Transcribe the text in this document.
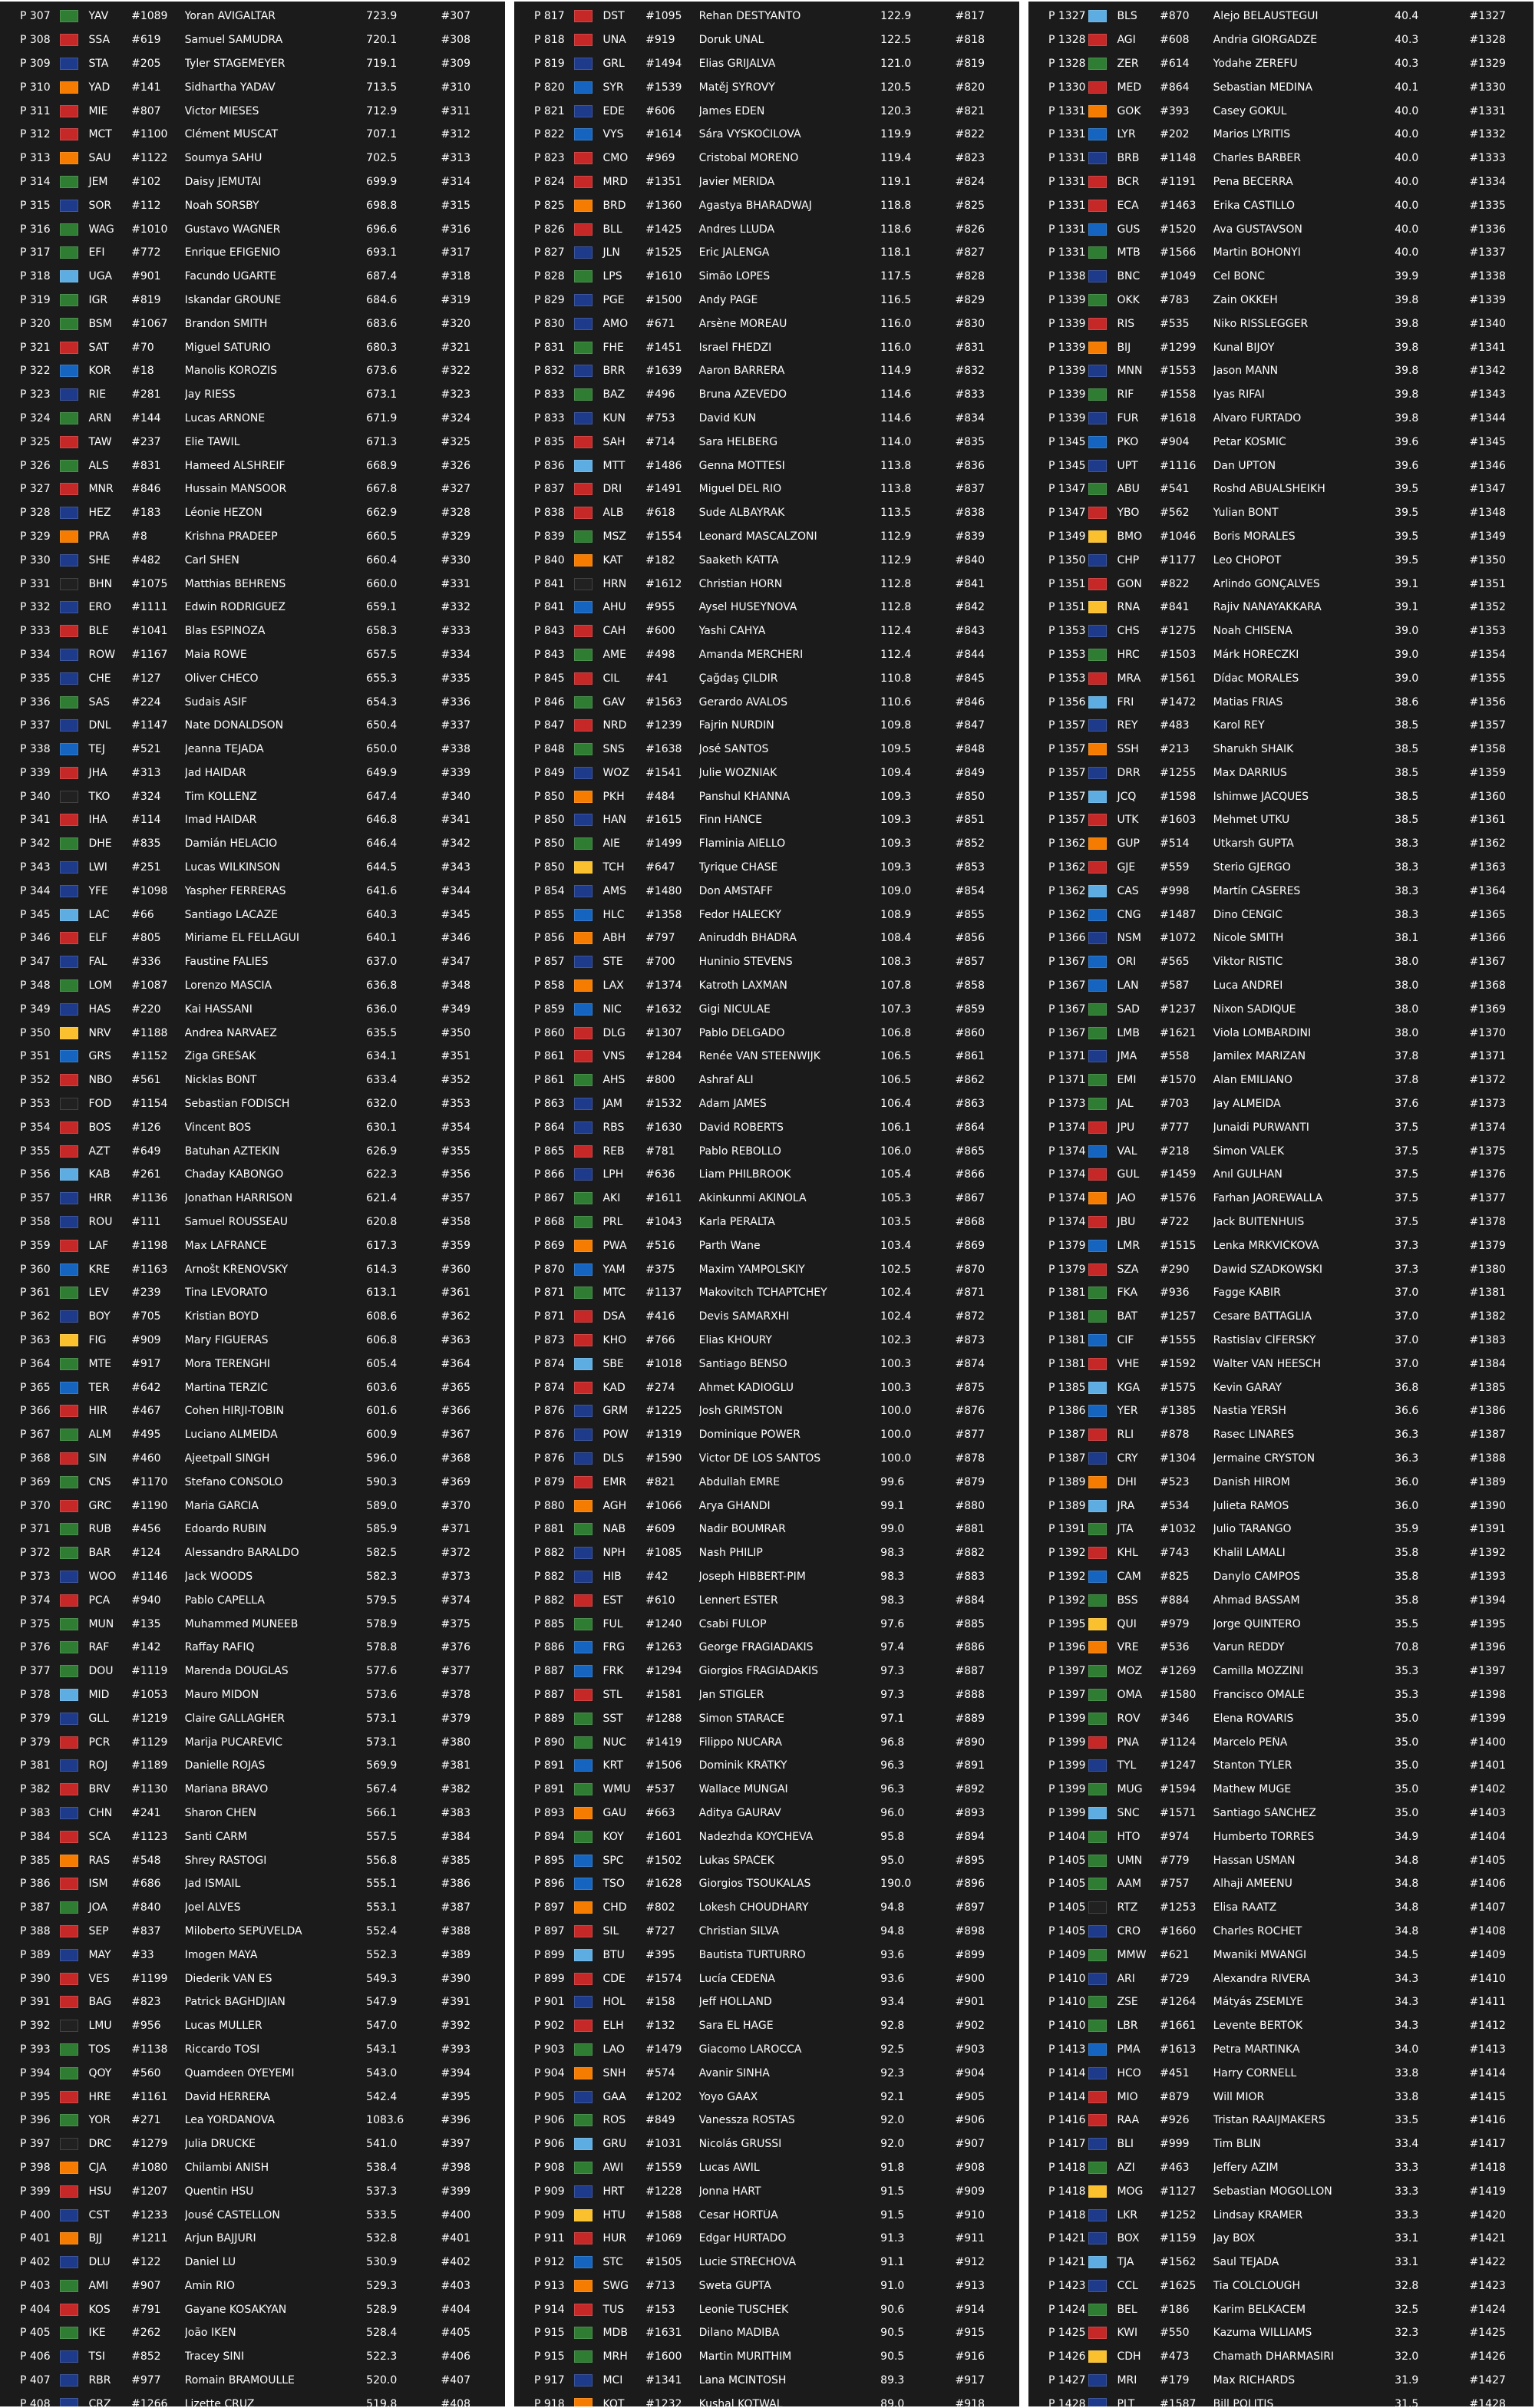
P 307	YAV	#1089	Yoran AVIGALTAR	723.9	#307
P 308	SSA	#619	Samuel SAMUDRA	720.1	#308
P 309	STA	#205	Tyler STAGEMEYER	719.1	#309
P 310	YAD	#141	Sidhartha YADAV	713.5	#310
P 311	MIE	#807	Victor MIESES	712.9	#311
P 312	MCT	#1100	Clément MUSCAT	707.1	#312
P 313	SAU	#1122	Soumya SAHU	702.5	#313
P 314	JEM	#102	Daisy JEMUTAI	699.9	#314
P 315	SOR	#112	Noah SORSBY	698.8	#315
P 316	WAG	#1010	Gustavo WAGNER	696.6	#316
P 317	EFI	#772	Enrique EFIGENIO	693.1	#317
P 318	UGA	#901	Facundo UGARTE	687.4	#318
P 319	IGR	#819	Iskandar GROUNE	684.6	#319
P 320	BSM	#1067	Brandon SMITH	683.6	#320
P 321	SAT	#70	Miguel SATURIO	680.3	#321
P 322	KOR	#18	Manolis KOROZIS	673.6	#322
P 323	RIE	#281	Jay RIESS	673.1	#323
P 324	ARN	#144	Lucas ARNONE	671.9	#324
P 325	TAW	#237	Elie TAWIL	671.3	#325
P 326	ALS	#831	Hameed ALSHREIF	668.9	#326
P 327	MNR	#846	Hussain MANSOOR	667.8	#327
P 328	HEZ	#183	Léonie HEZON	662.9	#328
P 329	PRA	#8	Krishna PRADEEP	660.5	#329
P 330	SHE	#482	Carl SHEN	660.4	#330
P 331	BHN	#1075	Matthias BEHRENS	660.0	#331
P 332	ERO	#1111	Edwin RODRIGUEZ	659.1	#332
P 333	BLE	#1041	Blas ESPINOZA	658.3	#333
P 334	ROW	#1167	Maia ROWE	657.5	#334
P 335	CHE	#127	Oliver CHECO	655.3	#335
P 336	SAS	#224	Sudais ASIF	654.3	#336
P 337	DNL	#1147	Nate DONALDSON	650.4	#337
P 338	TEJ	#521	Jeanna TEJADA	650.0	#338
P 339	JHA	#313	Jad HAIDAR	649.9	#339
P 340	TKO	#324	Tim KOLLENZ	647.4	#340
P 341	IHA	#114	Imad HAIDAR	646.8	#341
P 342	DHE	#835	Damián HELACIO	646.4	#342
P 343	LWI	#251	Lucas WILKINSON	644.5	#343
P 344	YFE	#1098	Yaspher FERRERAS	641.6	#344
P 345	LAC	#66	Santiago LACAZE	640.3	#345
P 346	ELF	#805	Miriame EL FELLAGUI	640.1	#346
P 347	FAL	#336	Faustine FALIES	637.0	#347
P 348	LOM	#1087	Lorenzo MASCIA	636.8	#348
P 349	HAS	#220	Kai HASSANI	636.0	#349
P 350	NRV	#1188	Andrea NARVÁEZ	635.5	#350
P 351	GRS	#1152	Žiga GREŠAK	634.1	#351
P 352	NBO	#561	Nicklas BONT	633.4	#352
P 353	FOD	#1154	Sebastian FÖDISCH	632.0	#353
P 354	BOS	#126	Vincent BOS	630.1	#354
P 355	AZT	#649	Batuhan AZTEKIN	626.9	#355
P 356	KAB	#261	Chaday KABONGO	622.3	#356
P 357	HRR	#1136	Jonathan HARRISON	621.4	#357
P 358	ROU	#111	Samuel ROUSSEAU	620.8	#358
P 359	LAF	#1198	Max LAFRANCE	617.3	#359
P 360	KRE	#1163	Arnošt KŘENOVSKÝ	614.3	#360
P 361	LEV	#239	Tina LEVORATO	613.1	#361
P 362	BOY	#705	Kristian BOYD	608.6	#362
P 363	FIG	#909	Mary FIGUERAS	606.8	#363
P 364	MTE	#917	Mora TERENGHI	605.4	#364
P 365	TER	#642	Martina TERZIĆ	603.6	#365
P 366	HIR	#467	Cohen HIRJI-TOBIN	601.6	#366
P 367	ALM	#495	Luciano ALMEIDA	600.9	#367
P 368	SIN	#460	Ajeetpall SINGH	596.0	#368
P 369	CNS	#1170	Stefano CONSOLO	590.3	#369
P 370	GRC	#1190	Maria GARCIA	589.0	#370
P 371	RUB	#456	Edoardo RUBIN	585.9	#371
P 372	BAR	#124	Alessandro BARALDO	582.5	#372
P 373	WOO	#1146	Jack WOODS	582.3	#373
P 374	PCA	#940	Pablo CAPELLA	579.5	#374
P 375	MUN	#135	Muhammed MUNEEB	578.9	#375
P 376	RAF	#142	Raffay RAFIQ	578.8	#376
P 377	DOU	#1119	Marenda DOUGLAS	577.6	#377
P 378	MID	#1053	Mauro MIDON	573.6	#378
P 379	GLL	#1219	Claire GALLAGHER	573.1	#379
P 379	PCR	#1129	Marija PUCAREVIĆ	573.1	#380
P 381	ROJ	#1189	Danielle ROJAS	569.9	#381
P 382	BRV	#1130	Mariana BRAVO	567.4	#382
P 383	CHN	#241	Sharon CHEN	566.1	#383
P 384	SCA	#1123	Santi CARM	557.5	#384
P 385	RAS	#548	Shrey RASTOGI	556.8	#385
P 386	ISM	#686	Jad ISMAIL	555.1	#386
P 387	JOA	#840	Joel ALVES	553.1	#387
P 388	SEP	#837	Miloberto SEPÚVELDA	552.4	#388
P 389	MAY	#33	Imogen MAYA	552.3	#389
P 390	VES	#1199	Diederik VAN ES	549.3	#390
P 391	BAG	#823	Patrick BAGHDJIAN	547.9	#391
P 392	LMU	#956	Lucas MÜLLER	547.0	#392
P 393	TOS	#1138	Riccardo TOSI	543.1	#393
P 394	QOY	#560	Quamdeen OYEYEMI	543.0	#394
P 395	HRE	#1161	David HERRERA	542.4	#395
P 396	YOR	#271	Lea YORDANOVA	1083.6	#396
P 397	DRC	#1279	Julia DRÜCKE	541.0	#397
P 398	CJA	#1080	Chilambi ANISH	538.4	#398
P 399	HSU	#1207	Quentin HSU	537.3	#399
P 400	CST	#1233	Jousé CASTELLON	533.5	#400
P 401	BJJ	#1211	Arjun BAJJURI	532.8	#401
P 402	DLU	#122	Daniel LU	530.9	#402
P 403	AMI	#907	Amin RIO	529.3	#403
P 404	KOS	#791	Gayane KOSAKYAN	528.9	#404
P 405	IKE	#262	João IKEN	528.4	#405
P 406	TSI	#852	Tracey SINI	522.3	#406
P 407	RBR	#977	Romain BRAMOULLE	520.0	#407
P 408	CRZ	#1266	Lizette CRUZ	519.8	#408
P 817	DST	#1095	Rehan DESTYANTO	122.9	#817
P 818	UNA	#919	Doruk ÜNAL	122.5	#818
P 819	GRL	#1494	Elias GRIJALVA	121.0	#819
P 820	SYR	#1539	Matěj SYROVÝ	120.5	#820
P 821	EDE	#606	James EDEN	120.3	#821
P 822	VYS	#1614	Sára VYSKOČILOVÁ	119.9	#822
P 823	CMO	#969	Cristobal MORENO	119.4	#823
P 824	MRD	#1351	Javier MERIDA	119.1	#824
P 825	BRD	#1360	Agastya BHARADWAJ	118.8	#825
P 826	BLL	#1425	Andres LLUDA	118.6	#826
P 827	JLN	#1525	Eric JALENGA	118.1	#827
P 828	LPS	#1610	Simão LOPES	117.5	#828
P 829	PGE	#1500	Andy PAGE	116.5	#829
P 830	AMO	#671	Arsène MOREAU	116.0	#830
P 831	FHE	#1451	Israel FHEDZI	116.0	#831
P 832	BRR	#1639	Aaron BARRERA	114.9	#832
P 833	BAZ	#496	Bruna AZEVEDO	114.6	#833
P 833	KUN	#753	David KUN	114.6	#834
P 835	SAH	#714	Sara HELBERG	114.0	#835
P 836	MTT	#1486	Genna MOTTESI	113.8	#836
P 837	DRI	#1491	Miguel DEL RIO	113.8	#837
P 838	ALB	#618	Sude ALBAYRAK	113.5	#838
P 839	MSZ	#1554	Leonard MASCALZONI	112.9	#839
P 840	KAT	#182	Saaketh KATTA	112.9	#840
P 841	HRN	#1612	Christian HORN	112.8	#841
P 841	AHU	#955	Aysel HUSEYNOVA	112.8	#842
P 843	CAH	#600	Yashi CAHYA	112.4	#843
P 843	AME	#498	Amanda MERCHERI	112.4	#844
P 845	CIL	#41	Çağdaş ÇILDIR	110.8	#845
P 846	GAV	#1563	Gerardo AVALOS	110.6	#846
P 847	NRD	#1239	Fajrin NURDIN	109.8	#847
P 848	SNS	#1638	José SANTOS	109.5	#848
P 849	WOZ	#1541	Julie WOZNIAK	109.4	#849
P 850	PKH	#484	Panshul KHANNA	109.3	#850
P 850	HAN	#1615	Finn HANCE	109.3	#851
P 850	AIE	#1499	Flaminia AIELLO	109.3	#852
P 850	TCH	#647	Tyrique CHASE	109.3	#853
P 854	AMS	#1480	Don AMSTAFF	109.0	#854
P 855	HLC	#1358	Fedor HALECKÝ	108.9	#855
P 856	ABH	#797	Aniruddh BHADRA	108.4	#856
P 857	STE	#700	Huninio STEVENS	108.3	#857
P 858	LAX	#1374	Katroth LAXMAN	107.8	#858
P 859	NIC	#1632	Gigi NICULAE	107.3	#859
P 860	DLG	#1307	Pablo DELGADO	106.8	#860
P 861	VNS	#1284	Renée VAN STEENWIJK	106.5	#861
P 861	AHS	#800	Ashraf ALI	106.5	#862
P 863	JAM	#1532	Adam JAMES	106.4	#863
P 864	RBS	#1630	David ROBERTS	106.1	#864
P 865	REB	#781	Pablo REBOLLO	106.0	#865
P 866	LPH	#636	Liam PHILBROOK	105.4	#866
P 867	AKI	#1611	Akinkunmi AKINOLA	105.3	#867
P 868	PRL	#1043	Karla PERALTA	103.5	#868
P 869	PWA	#516	Parth Wane	103.4	#869
P 870	YAM	#375	Maxim YAMPOLSKIY	102.5	#870
P 871	MTC	#1137	Makovitch TCHAPTCHEY	102.4	#871
P 871	DSA	#416	Devis SAMARXHI	102.4	#872
P 873	KHO	#766	Elias KHOURY	102.3	#873
P 874	SBE	#1018	Santiago BENSO	100.3	#874
P 874	KAD	#274	Ahmet KADIOĞLU	100.3	#875
P 876	GRM	#1225	Josh GRIMSTON	100.0	#876
P 876	POW	#1319	Dominique POWER	100.0	#877
P 876	DLS	#1590	Victor DE LOS SANTOS	100.0	#878
P 879	EMR	#821	Abdullah EMRE	99.6	#879
P 880	AGH	#1066	Arya GHANDI	99.1	#880
P 881	NAB	#609	Nadir BOUMRAR	99.0	#881
P 882	NPH	#1085	Nash PHILIP	98.3	#882
P 882	HIB	#42	Joseph HIBBERT-PIM	98.3	#883
P 882	EST	#610	Lennert ESTER	98.3	#884
P 885	FUL	#1240	Csabi FÜLÖP	97.6	#885
P 886	FRG	#1263	George FRAGIADAKIS	97.4	#886
P 887	FRK	#1294	Giorgios FRAGIADAKIS	97.3	#887
P 887	STL	#1581	Jan STIGLER	97.3	#888
P 889	SST	#1288	Simon STARACE	97.1	#889
P 890	NUC	#1419	Filippo NUCARA	96.8	#890
P 891	KRT	#1506	Dominik KRÁTKY	96.3	#891
P 891	WMU	#537	Wallace MUNGAI	96.3	#892
P 893	GAU	#663	Aditya GAURAV	96.0	#893
P 894	KOY	#1601	Nadezhda KOYCHEVA	95.8	#894
P 895	SPC	#1502	Lukas ŠPAČEK	95.0	#895
P 896	TSO	#1628	Giorgios TSOUKALAS	190.0	#896
P 897	CHD	#802	Lokesh CHOUDHARY	94.8	#897
P 897	SIL	#727	Christian SILVA	94.8	#898
P 899	BTU	#395	Bautista TURTURRO	93.6	#899
P 899	CDE	#1574	Lucía CEDEÑA	93.6	#900
P 901	HOL	#158	Jeff HOLLAND	93.4	#901
P 902	ELH	#132	Sara EL HAGE	92.8	#902
P 903	LAO	#1479	Giacomo LAROCCA	92.5	#903
P 904	SNH	#574	Avanir SINHA	92.3	#904
P 905	GAA	#1202	Yoyo GAAX	92.1	#905
P 906	ROS	#849	Vanessza ROSTAS	92.0	#906
P 906	GRU	#1031	Nicolás GRÜSSI	92.0	#907
P 908	AWI	#1559	Lucas AWIL	91.8	#908
P 909	HRT	#1228	Jonna HART	91.5	#909
P 909	HTU	#1588	Cesar HORTÚA	91.5	#910
P 911	HUR	#1069	Edgar HURTADO	91.3	#911
P 912	STC	#1505	Lucie STŘECHOVÁ	91.1	#912
P 913	SWG	#713	Sweta GUPTA	91.0	#913
P 914	TUS	#153	Leonie TUSCHEK	90.6	#914
P 915	MDB	#1631	Dilano MADIBA	90.5	#915
P 915	MRH	#1600	Martin MURITHIM	90.5	#916
P 917	MCI	#1341	Lana MCINTOSH	89.3	#917
P 918	KOT	#1232	Kushal KOTWAL	89.0	#918
P 1327	BLS	#870	Alejo BELAUSTEGUI	40.4	#1327
P 1328	AGI	#608	Andria GIORGADZE	40.3	#1328
P 1328	ZER	#614	Yodahe ZEREFU	40.3	#1329
P 1330	MED	#864	Sebastian MEDINA	40.1	#1330
P 1331	GOK	#393	Casey GOKUL	40.0	#1331
P 1331	LYR	#202	Marios LYRITIS	40.0	#1332
P 1331	BRB	#1148	Charles BARBER	40.0	#1333
P 1331	BCR	#1191	Pena BECERRA	40.0	#1334
P 1331	ECA	#1463	Erika CASTILLO	40.0	#1335
P 1331	GUS	#1520	Ava GUSTAVSON	40.0	#1336
P 1331	MTB	#1566	Martin BOHONYI	40.0	#1337
P 1338	BNC	#1049	Cel BONC	39.9	#1338
P 1339	OKK	#783	Zain OKKEH	39.8	#1339
P 1339	RIS	#535	Niko RISSLEGGER	39.8	#1340
P 1339	BIJ	#1299	Kunal BIJOY	39.8	#1341
P 1339	MNN	#1553	Jason MANN	39.8	#1342
P 1339	RIF	#1558	Iyas RIFAI	39.8	#1343
P 1339	FUR	#1618	Alvaro FURTADO	39.8	#1344
P 1345	PKO	#904	Petar KOSMIĆ	39.6	#1345
P 1345	UPT	#1116	Dan UPTON	39.6	#1346
P 1347	ABU	#541	Roshd ABUALSHEIKH	39.5	#1347
P 1347	YBO	#562	Yulian BONT	39.5	#1348
P 1349	BMO	#1046	Boris MORALES	39.5	#1349
P 1350	CHP	#1177	Leo CHOPOT	39.5	#1350
P 1351	GON	#822	Arlindo GONÇALVES	39.1	#1351
P 1351	RNA	#841	Rajiv NANAYAKKARA	39.1	#1352
P 1353	CHS	#1275	Noah CHISENA	39.0	#1353
P 1353	HRC	#1503	Márk HORECZKI	39.0	#1354
P 1353	MRA	#1561	Dídac MORALES	39.0	#1355
P 1356	FRI	#1472	Matias FRIAS	38.6	#1356
P 1357	REY	#483	Karol REY	38.5	#1357
P 1357	SSH	#213	Sharukh SHAIK	38.5	#1358
P 1357	DRR	#1255	Max DARRIUS	38.5	#1359
P 1357	JCQ	#1598	Ishimwe JACQUES	38.5	#1360
P 1357	UTK	#1603	Mehmet UTKU	38.5	#1361
P 1362	GUP	#514	Utkarsh GUPTA	38.3	#1362
P 1362	GJE	#559	Sterio GJERGO	38.3	#1363
P 1362	CAS	#998	Martín CÁSERES	38.3	#1364
P 1362	CNG	#1487	Dino ČENGIĆ	38.3	#1365
P 1366	NSM	#1072	Nicole SMITH	38.1	#1366
P 1367	ORI	#565	Viktor RISTIĆ	38.0	#1367
P 1367	LAN	#587	Luca ANDREI	38.0	#1368
P 1367	SAD	#1237	Nixon SADIQUE	38.0	#1369
P 1367	LMB	#1621	Viola LOMBARDINI	38.0	#1370
P 1371	JMA	#558	Jamilex MARIZAN	37.8	#1371
P 1371	EMI	#1570	Alan EMILIANO	37.8	#1372
P 1373	JAL	#703	Jay ALMEIDA	37.6	#1373
P 1374	JPU	#777	Junaidi PURWANTI	37.5	#1374
P 1374	VAL	#218	Šimon VALEK	37.5	#1375
P 1374	GUL	#1459	Anıl GÜLHAN	37.5	#1376
P 1374	JAO	#1576	Farhan JAOREWALLA	37.5	#1377
P 1374	JBU	#722	Jack BUITENHUIS	37.5	#1378
P 1379	LMR	#1515	Lenka MRKVIČKOVÁ	37.3	#1379
P 1379	SZA	#290	Dawid SZADKOWSKI	37.3	#1380
P 1381	FKA	#936	Fagge KABIR	37.0	#1381
P 1381	BAT	#1257	Cesare BATTAGLIA	37.0	#1382
P 1381	CIF	#1555	Rastislav CÍFERSKÝ	37.0	#1383
P 1381	VHE	#1592	Walter VAN HEESCH	37.0	#1384
P 1385	KGA	#1575	Kevin GARAY	36.8	#1385
P 1386	YER	#1385	Nastia YERSH	36.6	#1386
P 1387	RLI	#878	Rasec LINARES	36.3	#1387
P 1387	CRY	#1304	Jermaine CRYSTON	36.3	#1388
P 1389	DHI	#523	Danish HIROM	36.0	#1389
P 1389	JRA	#534	Julieta RAMOS	36.0	#1390
P 1391	JTA	#1032	Julio TARANGO	35.9	#1391
P 1392	KHL	#743	Khalil LAMALI	35.8	#1392
P 1392	CAM	#825	Danylo CAMPOS	35.8	#1393
P 1392	BSS	#884	Ahmad BASSAM	35.8	#1394
P 1395	QUI	#979	Jorge QUINTERO	35.5	#1395
P 1396	VRE	#536	Varun REDDY	70.8	#1396
P 1397	MOZ	#1269	Camilla MOZZINI	35.3	#1397
P 1397	OMA	#1580	Francisco OMALE	35.3	#1398
P 1399	ROV	#346	Elena ROVARIS	35.0	#1399
P 1399	PNA	#1124	Marcelo PEÑA	35.0	#1400
P 1399	TYL	#1247	Stanton TYLER	35.0	#1401
P 1399	MUG	#1594	Mathew MUGE	35.0	#1402
P 1399	SNC	#1571	Santiago SÁNCHEZ	35.0	#1403
P 1404	HTO	#974	Humberto TORRES	34.9	#1404
P 1405	UMN	#779	Hassan USMAN	34.8	#1405
P 1405	AAM	#757	Alhaji AMEENU	34.8	#1406
P 1405	RTZ	#1253	Elisa RAATZ	34.8	#1407
P 1405	CRO	#1660	Charles ROCHET	34.8	#1408
P 1409	MMW	#621	Mwaniki MWANGI	34.5	#1409
P 1410	ARI	#729	Alexandra RIVERA	34.3	#1410
P 1410	ZSE	#1264	Mátyás ZSEMLYE	34.3	#1411
P 1410	LBR	#1661	Levente BERTÓK	34.3	#1412
P 1413	PMA	#1613	Petra MARTINKA	34.0	#1413
P 1414	HCO	#451	Harry CORNELL	33.8	#1414
P 1414	MIO	#879	Will MIOR	33.8	#1415
P 1416	RAA	#926	Tristan RAAIJMAKERS	33.5	#1416
P 1417	BLI	#999	Tim BLIN	33.4	#1417
P 1418	AZI	#463	Jeffery AZIM	33.3	#1418
P 1418	MOG	#1127	Sebastian MOGOLLON	33.3	#1419
P 1418	LKR	#1252	Lindsay KRAMER	33.3	#1420
P 1421	BOX	#1159	Jay BOX	33.1	#1421
P 1421	TJA	#1562	Saul TEJADA	33.1	#1422
P 1423	CCL	#1625	Tia COLCLOUGH	32.8	#1423
P 1424	BEL	#186	Karim BELKACEM	32.5	#1424
P 1425	KWI	#550	Kazuma WILLIAMS	32.3	#1425
P 1426	CDH	#473	Chamath DHARMASIRI	32.0	#1426
P 1427	MRI	#179	Max RICHARDS	31.9	#1427
P 1428	PLT	#1587	Bill POLITIS	31.5	#1428
